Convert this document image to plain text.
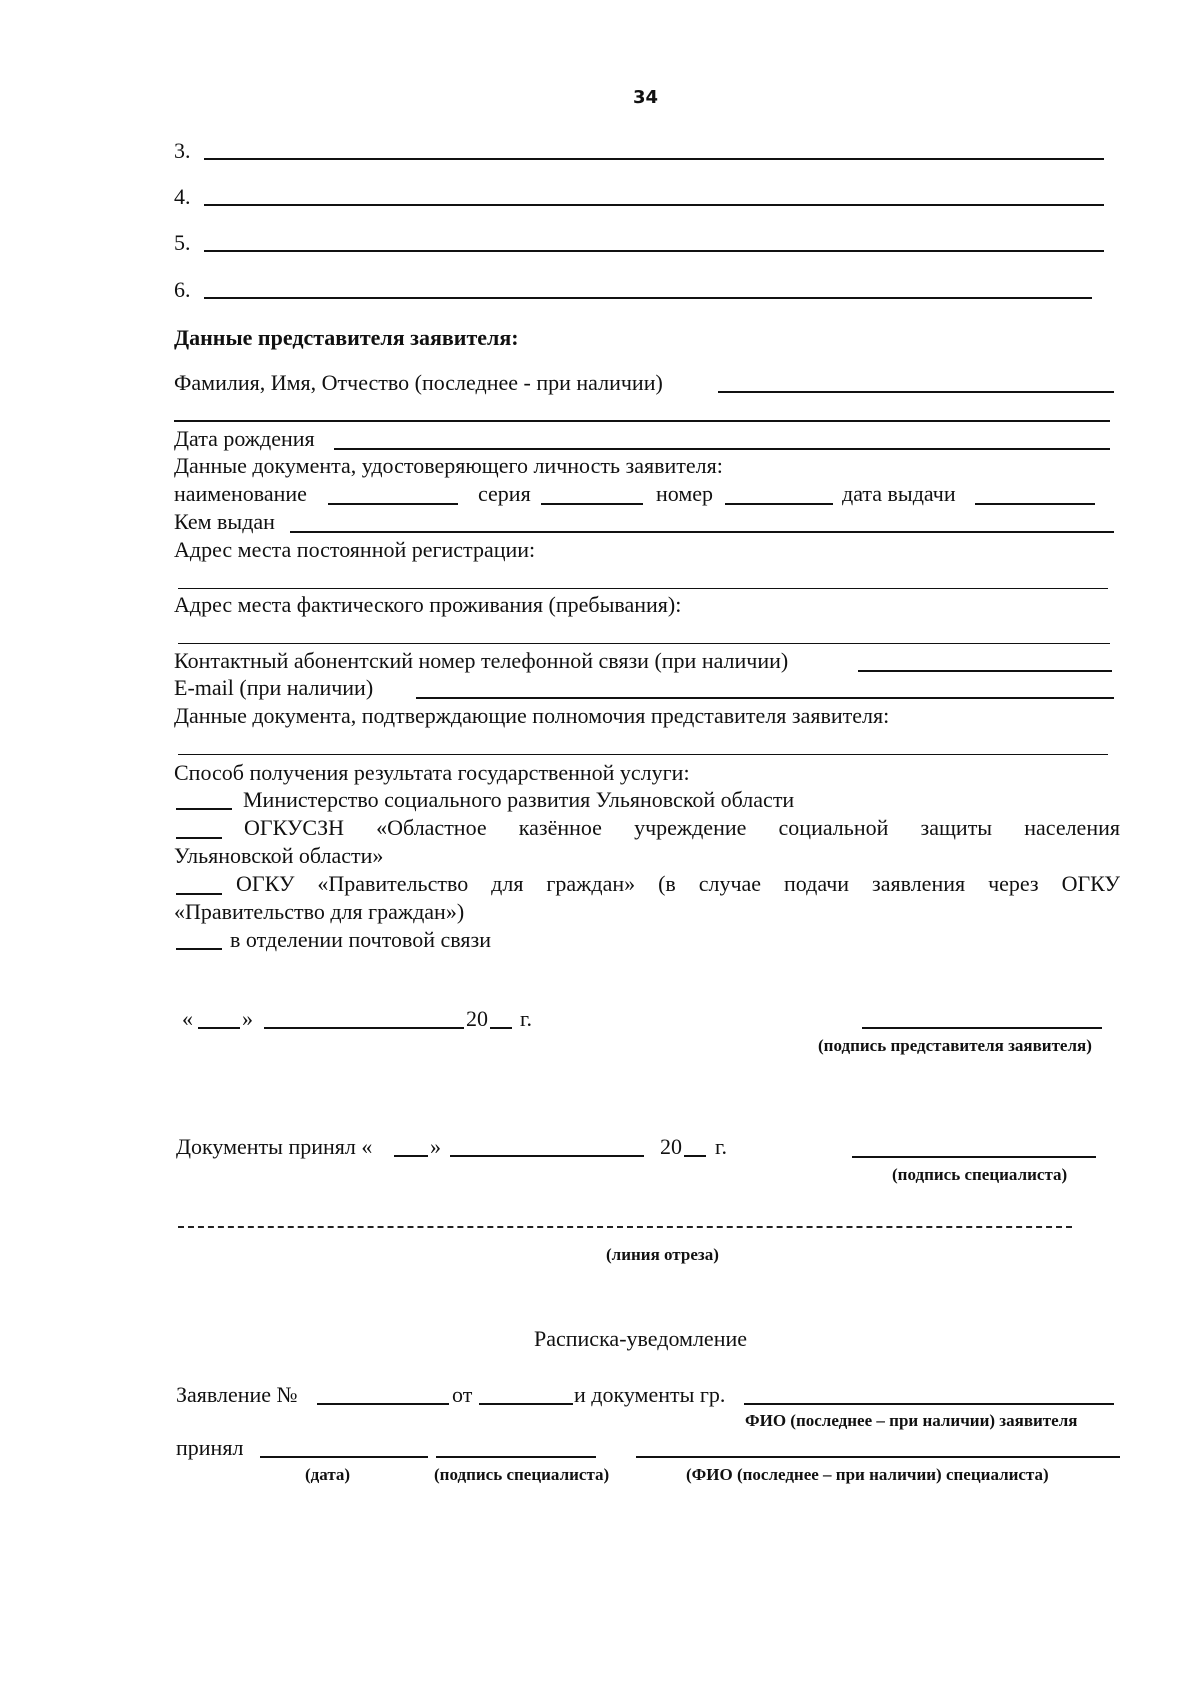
34
3.
4.
5.
6.
Данные представителя заявителя:
Фамилия, Имя, Отчество (последнее - при наличии)
Дата рождения
Данные документа, удостоверяющего личность заявителя:
наименование	серия	номер	дата выдачи
Кем выдан
Адрес места постоянной регистрации:
Адрес места фактического проживания (пребывания):
Контактный абонентский номер телефонной связи (при наличии)
E-mail (при наличии)
Данные документа, подтверждающие полномочия представителя заявителя:
Способ получения результата государственной услуги:
Министерство социального развития Ульяновской области
ОГКУСЗН «Областное казённое учреждение социальной защиты населения
Ульяновской области»
ОГКУ «Правительство для граждан» (в случае подачи заявления через ОГКУ
«Правительство для граждан»)
в отделении почтовой связи
« »	20 г.
(подпись представителя заявителя)
Документы принял «	»	20 г.
(подпись специалиста)
(линия отреза)
Расписка-уведомление
Заявление №	от	и документы гр.
ФИО (последнее – при наличии) заявителя
принял
(дата)	(подпись специалиста)	(ФИО (последнее – при наличии) специалиста)
